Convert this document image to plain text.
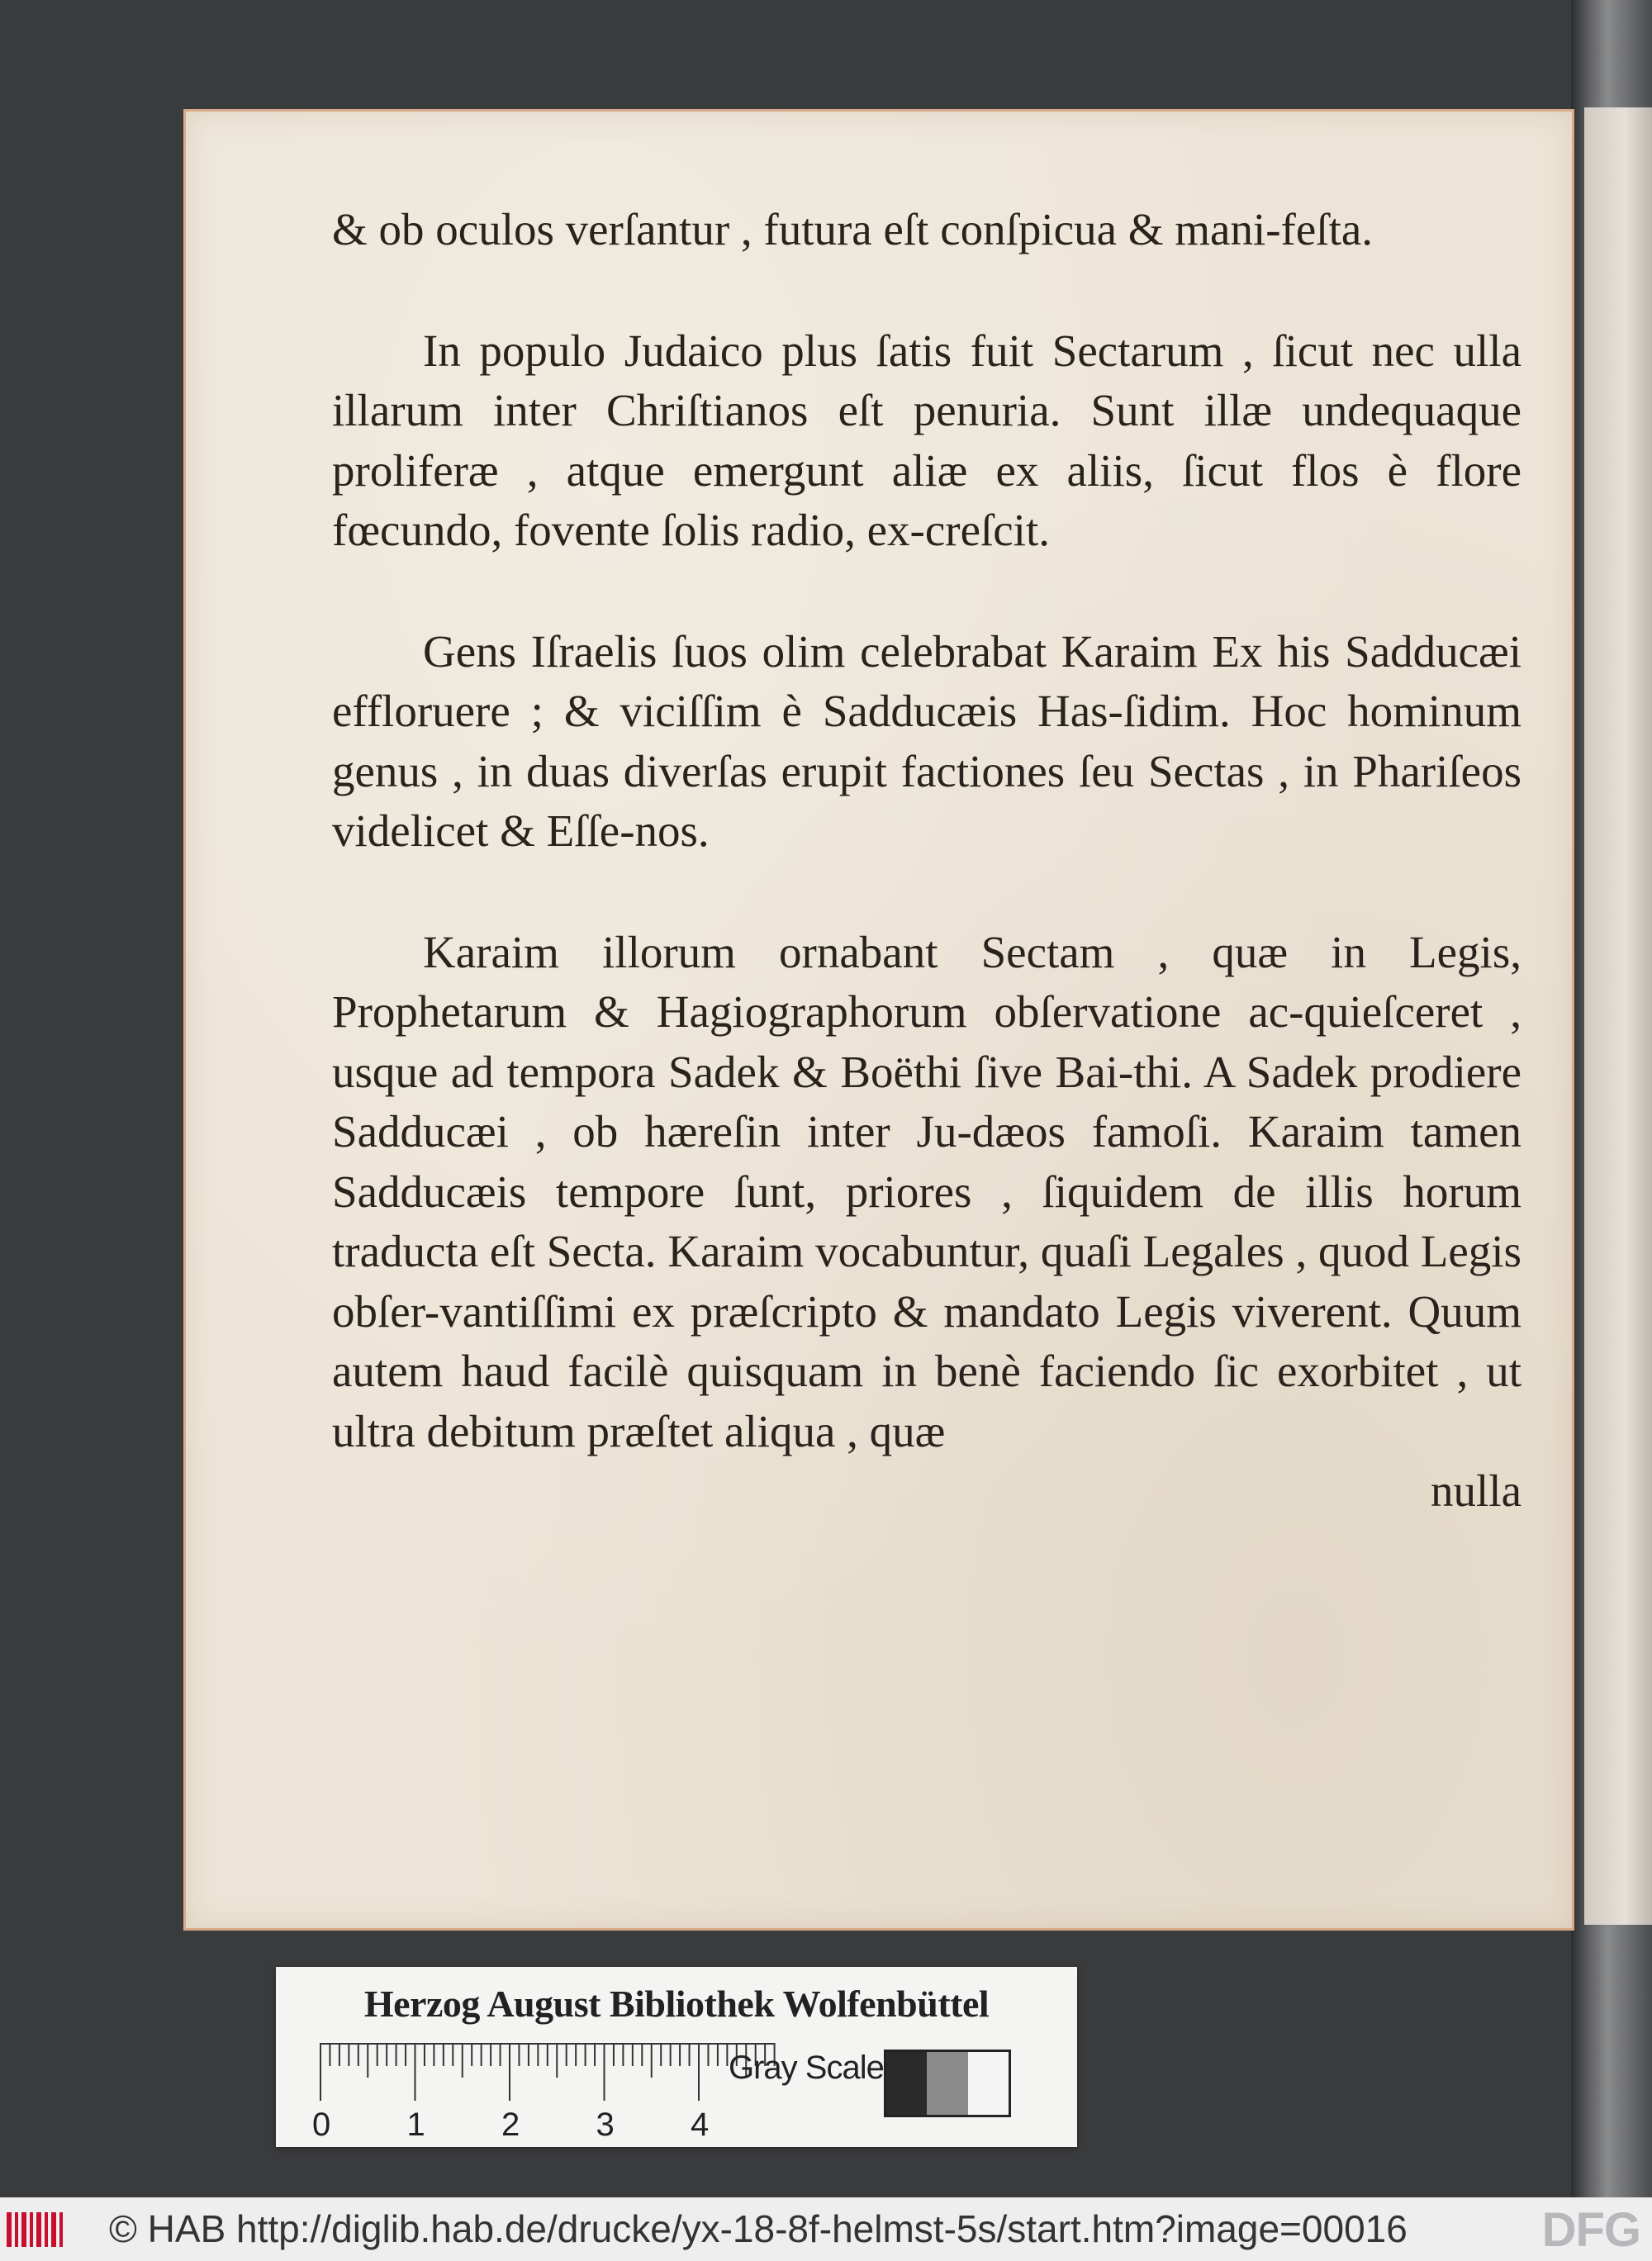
& ob oculos verſantur , futura eſt conſpicua & mani-feſta.

In populo Judaico plus ſatis fuit Sectarum , ſicut nec ulla illarum inter Chriſtianos eſt penuria. Sunt illæ undequaque proliferæ , atque emergunt aliæ ex aliis, ſicut flos è flore fœcundo, fovente ſolis radio, ex-creſcit.

Gens Iſraelis ſuos olim celebrabat Karaim Ex his Sadducæi effloruere ; & viciſſim è Sadducæis Has-ſidim. Hoc hominum genus , in duas diverſas erupit factiones ſeu Sectas , in Phariſeos videlicet & Eſſe-nos.

Karaim illorum ornabant Sectam , quæ in Legis, Prophetarum & Hagiographorum obſervatione ac-quieſceret , usque ad tempora Sadek & Boëthi ſive Bai-thi. A Sadek prodiere Sadducæi , ob hæreſin inter Ju-dæos famoſi. Karaim tamen Sadducæis tempore ſunt, priores , ſiquidem de illis horum traducta eſt Secta. Karaim vocabuntur, quaſi Legales , quod Legis obſer-vantiſſimi ex præſcripto & mandato Legis viverent. Quum autem haud facilè quisquam in benè faciendo ſic exorbitet , ut ultra debitum præſtet aliqua , quæ

nulla

Herzog August Bibliothek Wolfenbüttel
0 1 2 3 4
Gray Scale
© HAB http://diglib.hab.de/drucke/yx-18-8f-helmst-5s/start.htm?image=00016	DFG
